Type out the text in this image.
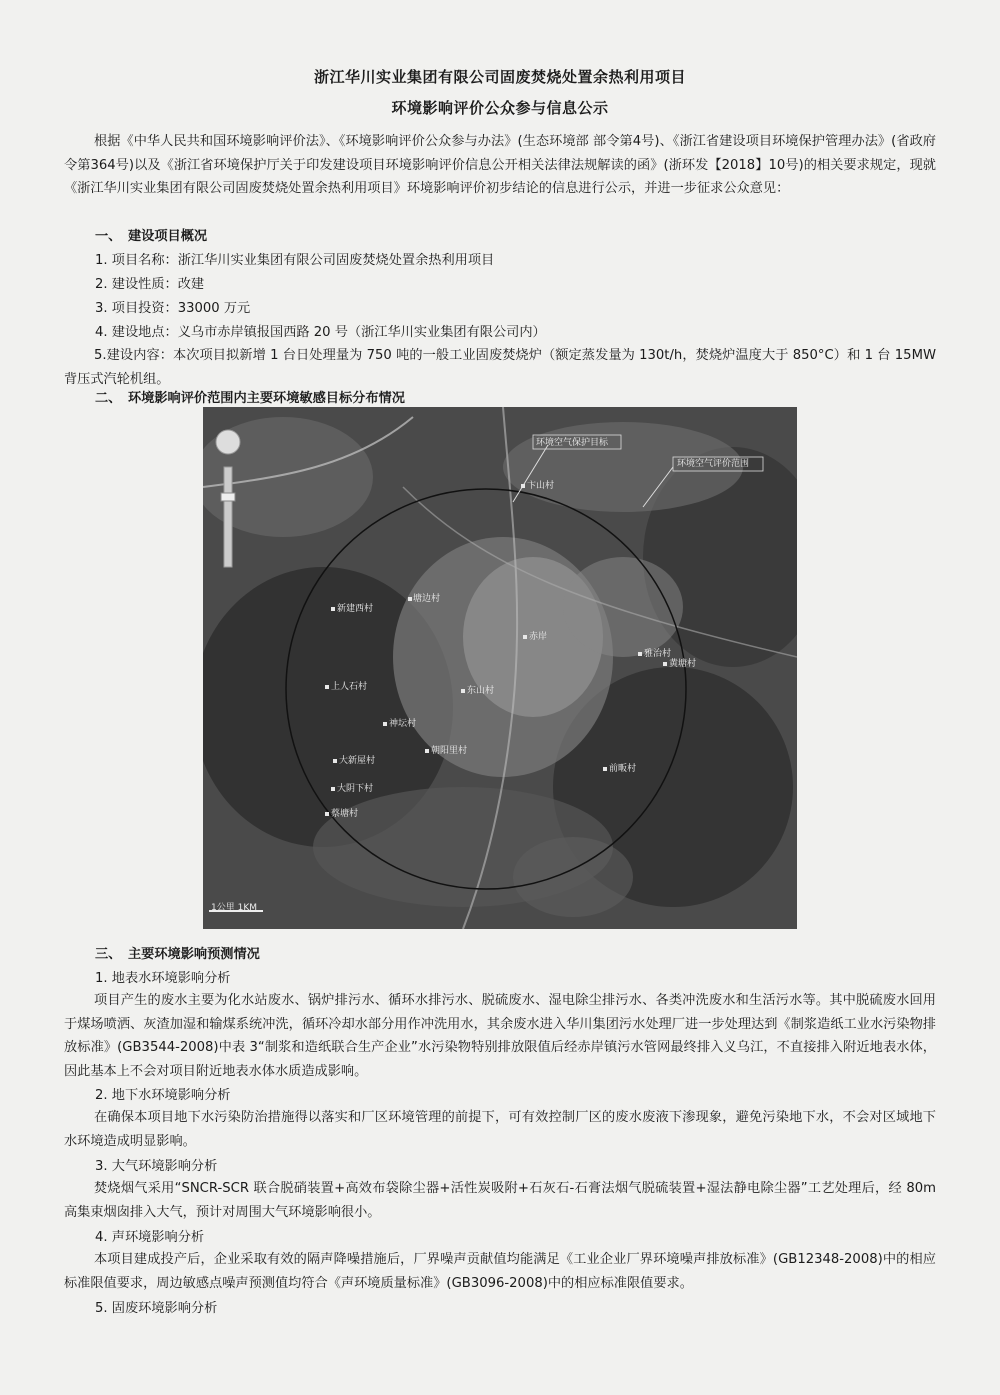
浙江华川实业集团有限公司固废焚烧处置余热利用项目
环境影响评价公众参与信息公示
根据《中华人民共和国环境影响评价法》、《环境影响评价公众参与办法》(生态环境部 部令第4号)、《浙江省建设项目环境保护管理办法》(省政府令第364号)以及《浙江省环境保护厅关于印发建设项目环境影响评价信息公开相关法律法规解读的函》(浙环发【2018】10号)的相关要求规定，现就《浙江华川实业集团有限公司固废焚烧处置余热利用项目》环境影响评价初步结论的信息进行公示，并进一步征求公众意见：
一、　建设项目概况
1. 项目名称：浙江华川实业集团有限公司固废焚烧处置余热利用项目
2. 建设性质：改建
3. 项目投资：33000 万元
4. 建设地点：义乌市赤岸镇报国西路 20 号（浙江华川实业集团有限公司内）
5.建设内容：本次项目拟新增 1 台日处理量为 750 吨的一般工业固废焚烧炉（额定蒸发量为 130t/h，焚烧炉温度大于 850°C）和 1 台 15MW 背压式汽轮机组。
二、　环境影响评价范围内主要环境敏感目标分布情况
环境空气保护目标
环境空气评价范围
1公里 1KM
卞山村
新建西村
塘边村
上人石村
大新屋村
大阴下村
蔡塘村
朝阳里村
东山村
赤岸
神坛村
黄塘村
前畈村
雅治村
三、　主要环境影响预测情况
1. 地表水环境影响分析
项目产生的废水主要为化水站废水、锅炉排污水、循环水排污水、脱硫废水、湿电除尘排污水、各类冲洗废水和生活污水等。其中脱硫废水回用于煤场喷洒、灰渣加湿和输煤系统冲洗，循环冷却水部分用作冲洗用水，其余废水进入华川集团污水处理厂进一步处理达到《制浆造纸工业水污染物排放标准》(GB3544-2008)中表 3“制浆和造纸联合生产企业”水污染物特别排放限值后经赤岸镇污水管网最终排入义乌江，不直接排入附近地表水体，因此基本上不会对项目附近地表水体水质造成影响。
2. 地下水环境影响分析
在确保本项目地下水污染防治措施得以落实和厂区环境管理的前提下，可有效控制厂区的废水废液下渗现象，避免污染地下水，不会对区域地下水环境造成明显影响。
3. 大气环境影响分析
焚烧烟气采用“SNCR-SCR 联合脱硝装置+高效布袋除尘器+活性炭吸附+石灰石-石膏法烟气脱硫装置+湿法静电除尘器”工艺处理后，经 80m 高集束烟囱排入大气，预计对周围大气环境影响很小。
4. 声环境影响分析
本项目建成投产后，企业采取有效的隔声降噪措施后，厂界噪声贡献值均能满足《工业企业厂界环境噪声排放标准》(GB12348-2008)中的相应标准限值要求，周边敏感点噪声预测值均符合《声环境质量标准》(GB3096-2008)中的相应标准限值要求。
5. 固废环境影响分析
